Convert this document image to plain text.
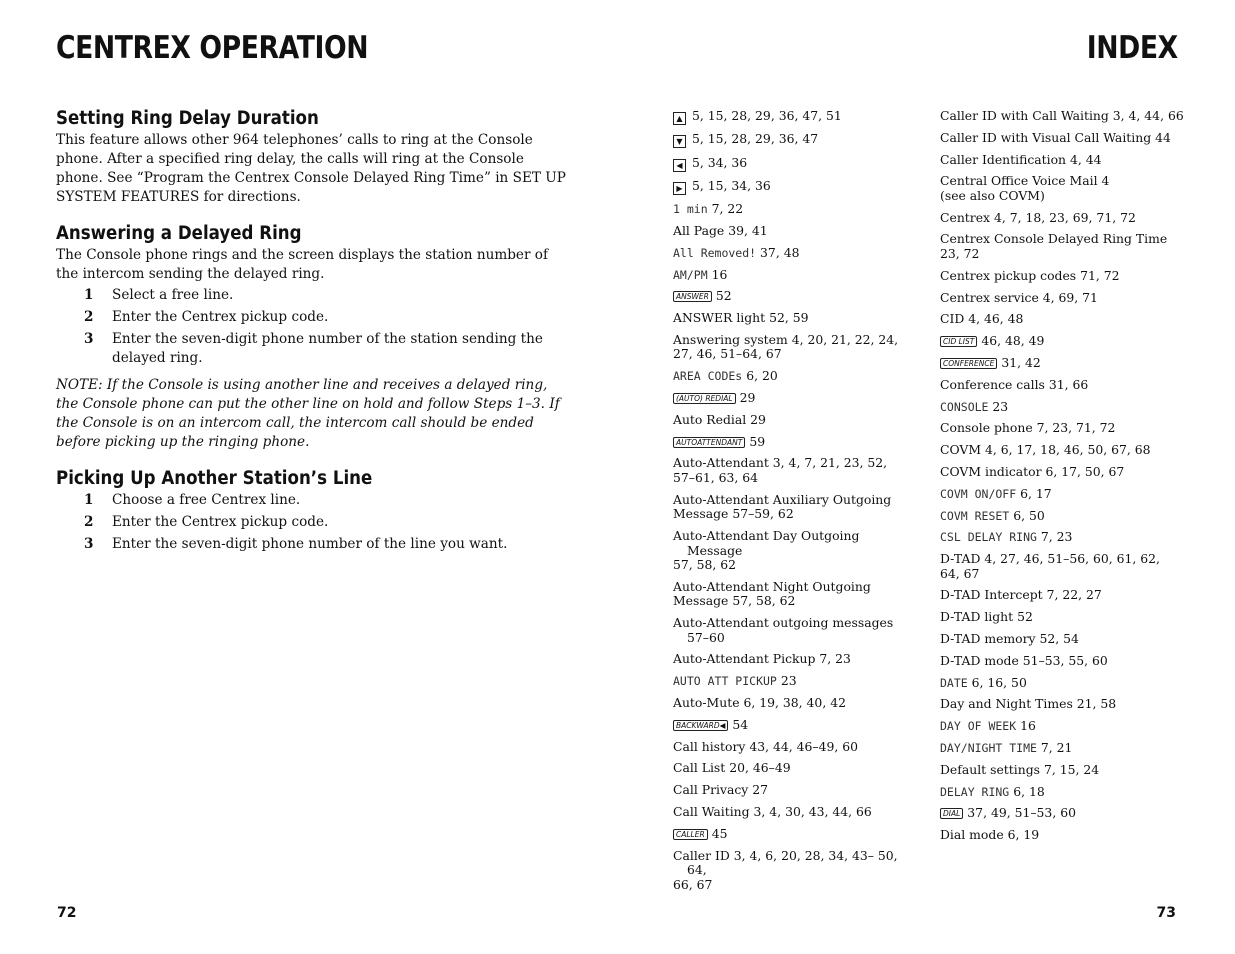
CENTREX OPERATION	INDEX
Setting Ring Delay Duration

This feature allows other 964 telephones’ calls to ring at the Console phone. After a specified ring delay, the calls will ring at the Console phone. See “Program the Centrex Console Delayed Ring Time” in SET UP SYSTEM FEATURES for directions.

Answering a Delayed Ring

The Console phone rings and the screen displays the station number of the intercom sending the delayed ring.

1	Select a free line.
2	Enter the Centrex pickup code.
3	Enter the seven-digit phone number of the station sending the delayed ring.

NOTE: If the Console is using another line and receives a delayed ring, the Console phone can put the other line on hold and follow Steps 1–3. If the Console is on an intercom call, the intercom call should be ended before picking up the ringing phone.

Picking Up Another Station’s Line
1	Choose a free Centrex line.
2	Enter the Centrex pickup code.
3	Enter the seven-digit phone number of the line you want.
▲ 5, 15, 28, 29, 36, 47, 51
▼ 5, 15, 28, 29, 36, 47
◀ 5, 34, 36
▶ 5, 15, 34, 36
1 min 7, 22
All Page 39, 41
All Removed! 37, 48
AM/PM 16
ANSWER 52
ANSWER light 52, 59
Answering system 4, 20, 21, 22, 24,
27, 46, 51–64, 67
AREA CODEs 6, 20
(AUTO) REDIAL 29
Auto Redial 29
AUTOATTENDANT 59
Auto-Attendant 3, 4, 7, 21, 23, 52,
57–61, 63, 64
Auto-Attendant Auxiliary Outgoing
Message 57–59, 62
Auto-Attendant Day Outgoing Message
57, 58, 62
Auto-Attendant Night Outgoing
Message 57, 58, 62
Auto-Attendant outgoing messages 57–60
Auto-Attendant Pickup 7, 23
AUTO ATT PICKUP 23
Auto-Mute 6, 19, 38, 40, 42
BACKWARD◀ 54
Call history 43, 44, 46–49, 60
Call List 20, 46–49
Call Privacy 27
Call Waiting 3, 4, 30, 43, 44, 66
CALLER 45
Caller ID 3, 4, 6, 20, 28, 34, 43– 50, 64,
66, 67
Caller ID with Call Waiting 3, 4, 44, 66
Caller ID with Visual Call Waiting 44
Caller Identification 4, 44
Central Office Voice Mail 4
(see also COVM)
Centrex 4, 7, 18, 23, 69, 71, 72
Centrex Console Delayed Ring Time
23, 72
Centrex pickup codes 71, 72
Centrex service 4, 69, 71
CID 4, 46, 48
CID LIST 46, 48, 49
CONFERENCE 31, 42
Conference calls 31, 66
CONSOLE 23
Console phone 7, 23, 71, 72
COVM 4, 6, 17, 18, 46, 50, 67, 68
COVM indicator 6, 17, 50, 67
COVM ON/OFF 6, 17
COVM RESET 6, 50
CSL DELAY RING 7, 23
D-TAD 4, 27, 46, 51–56, 60, 61, 62,
64, 67
D-TAD Intercept 7, 22, 27
D-TAD light 52
D-TAD memory 52, 54
D-TAD mode 51–53, 55, 60
DATE 6, 16, 50
Day and Night Times 21, 58
DAY OF WEEK 16
DAY/NIGHT TIME 7, 21
Default settings 7, 15, 24
DELAY RING 6, 18
DIAL 37, 49, 51–53, 60
Dial mode 6, 19
72	73
